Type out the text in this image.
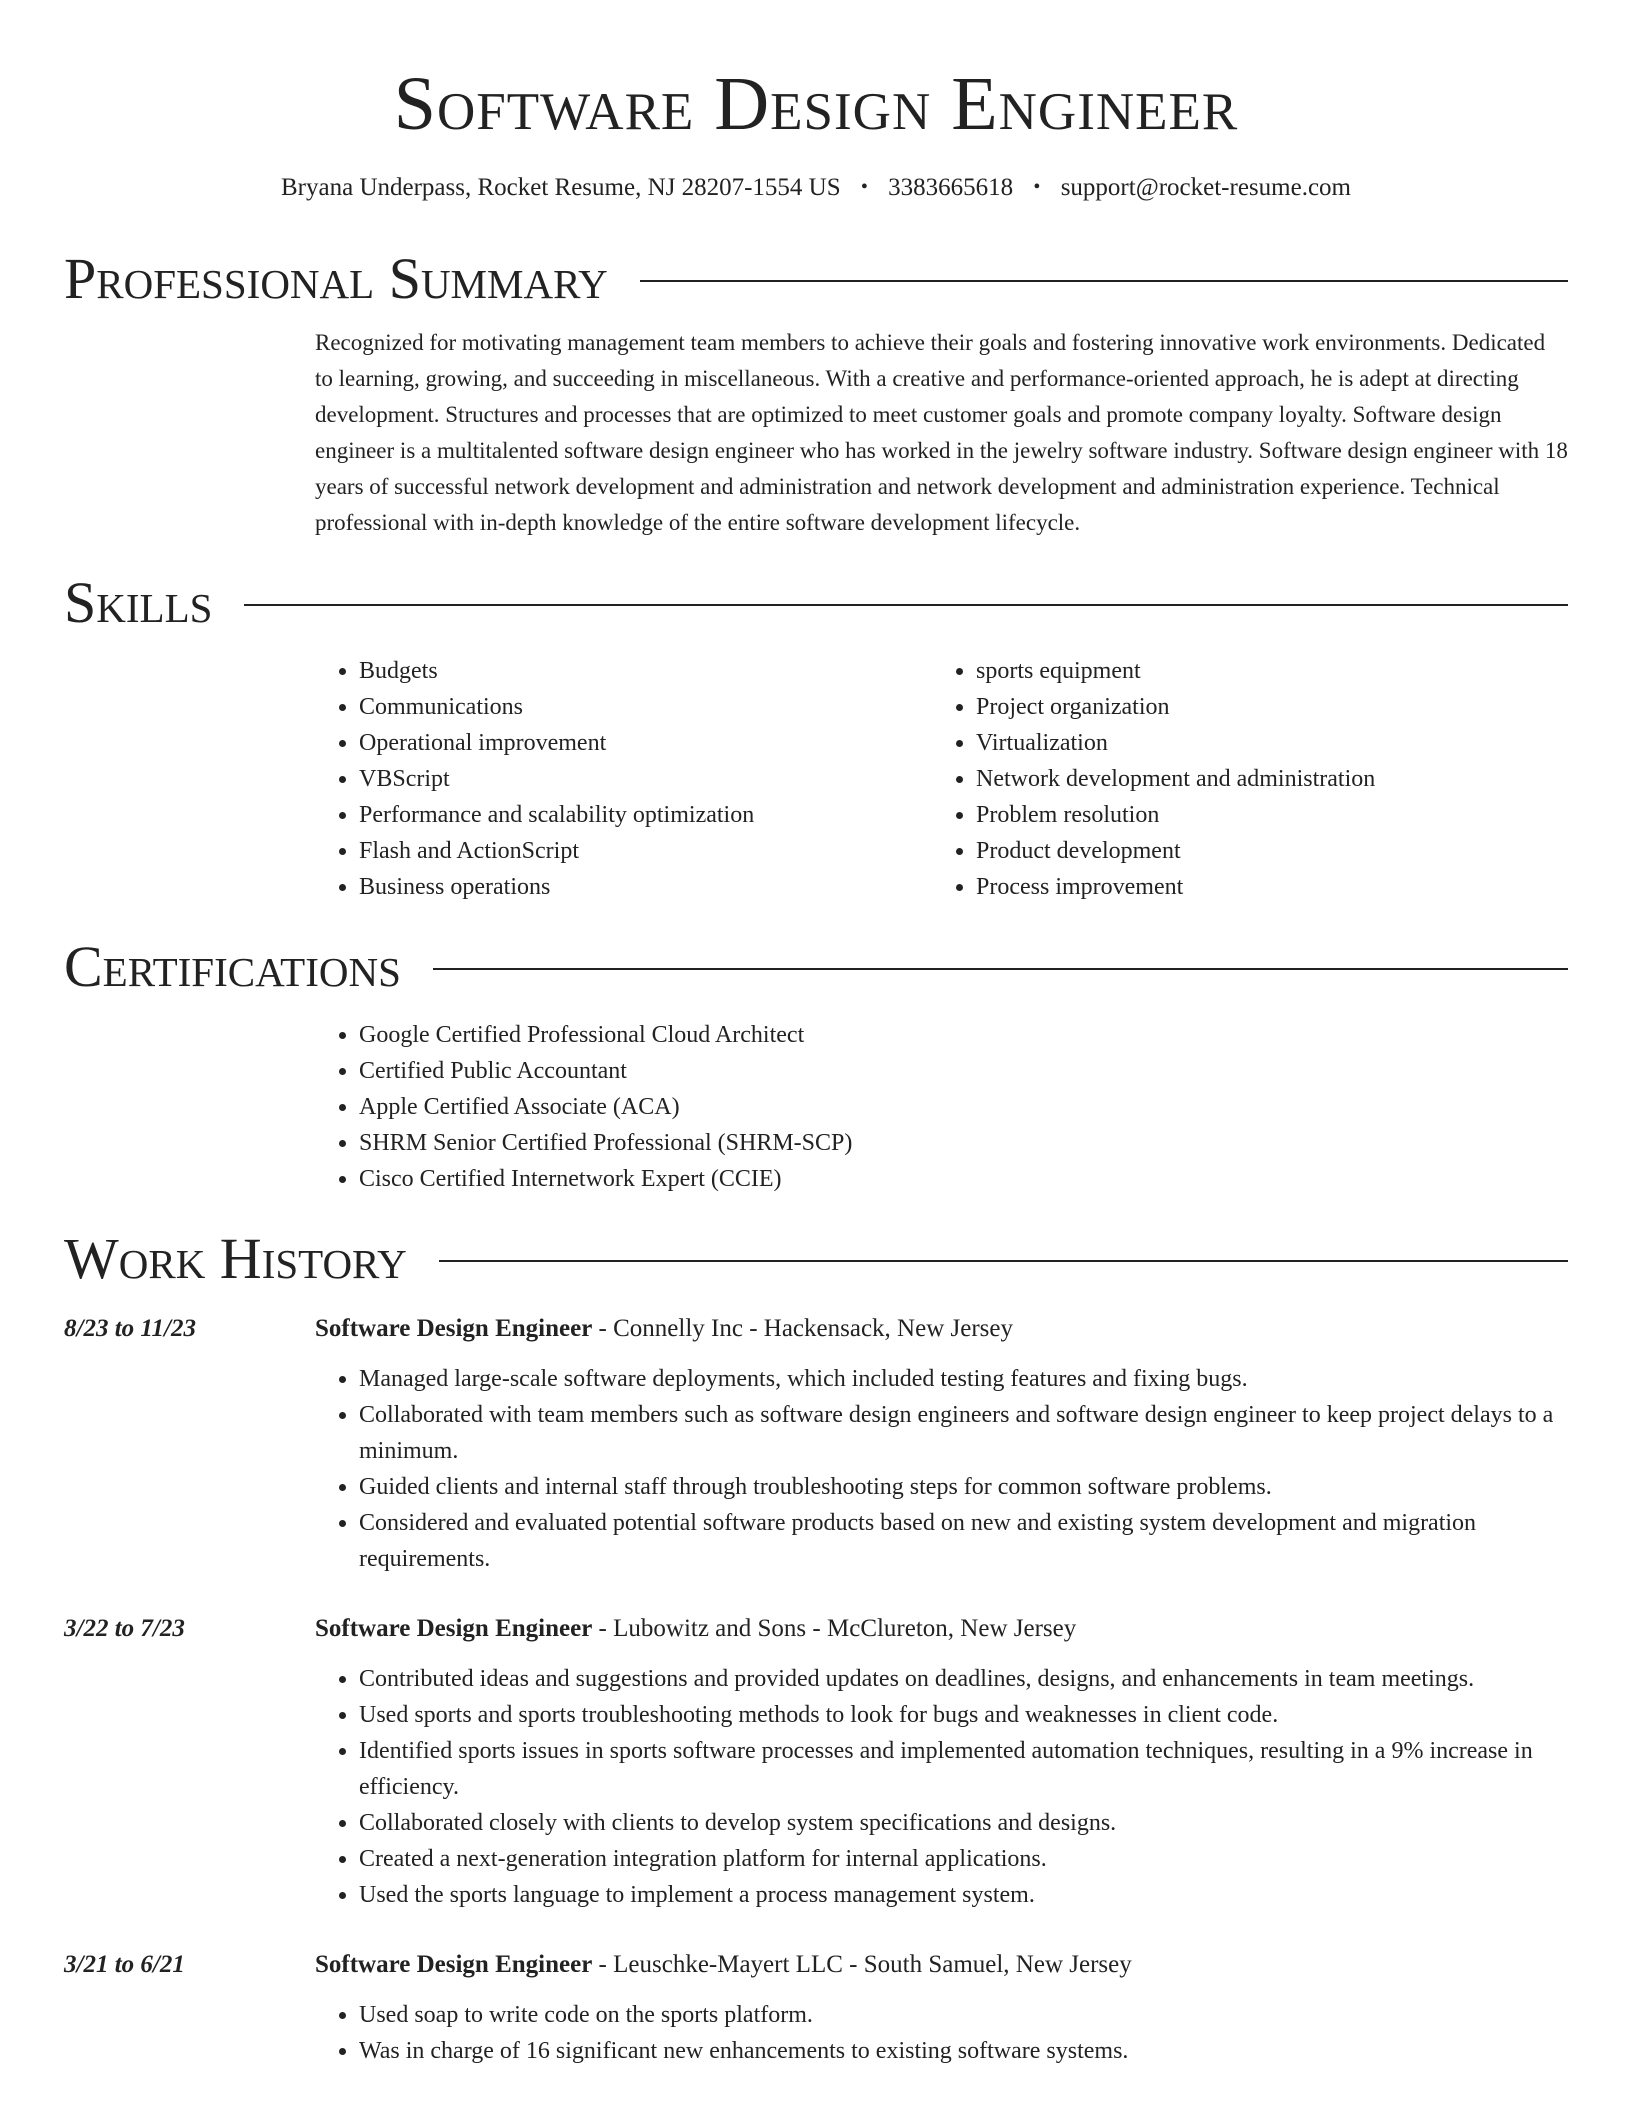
Software Design Engineer
Bryana Underpass, Rocket Resume, NJ 28207-1554 US • 3383665618 • support@rocket-resume.com
Professional Summary

Recognized for motivating management team members to achieve their goals and fostering innovative work environments. Dedicated to learning, growing, and succeeding in miscellaneous. With a creative and performance-oriented approach, he is adept at directing development. Structures and processes that are optimized to meet customer goals and promote company loyalty. Software design engineer is a multitalented software design engineer who has worked in the jewelry software industry. Software design engineer with 18 years of successful network development and administration and network development and administration experience. Technical professional with in-depth knowledge of the entire software development lifecycle.

Skills
• Budgets
• Communications
• Operational improvement
• VBScript
• Performance and scalability optimization
• Flash and ActionScript
• Business operations
• sports equipment
• Project organization
• Virtualization
• Network development and administration
• Problem resolution
• Product development
• Process improvement
Certifications
• Google Certified Professional Cloud Architect
• Certified Public Accountant
• Apple Certified Associate (ACA)
• SHRM Senior Certified Professional (SHRM-SCP)
• Cisco Certified Internetwork Expert (CCIE)
Work History
8/23 to 11/23	Software Design Engineer - Connelly Inc - Hackensack, New Jersey
• Managed large-scale software deployments, which included testing features and fixing bugs.
• Collaborated with team members such as software design engineers and software design engineer to keep project delays to a minimum.
• Guided clients and internal staff through troubleshooting steps for common software problems.
• Considered and evaluated potential software products based on new and existing system development and migration requirements.
3/22 to 7/23	Software Design Engineer - Lubowitz and Sons - McClureton, New Jersey
• Contributed ideas and suggestions and provided updates on deadlines, designs, and enhancements in team meetings.
• Used sports and sports troubleshooting methods to look for bugs and weaknesses in client code.
• Identified sports issues in sports software processes and implemented automation techniques, resulting in a 9% increase in efficiency.
• Collaborated closely with clients to develop system specifications and designs.
• Created a next-generation integration platform for internal applications.
• Used the sports language to implement a process management system.
3/21 to 6/21	Software Design Engineer - Leuschke-Mayert LLC - South Samuel, New Jersey
• Used soap to write code on the sports platform.
• Was in charge of 16 significant new enhancements to existing software systems.
